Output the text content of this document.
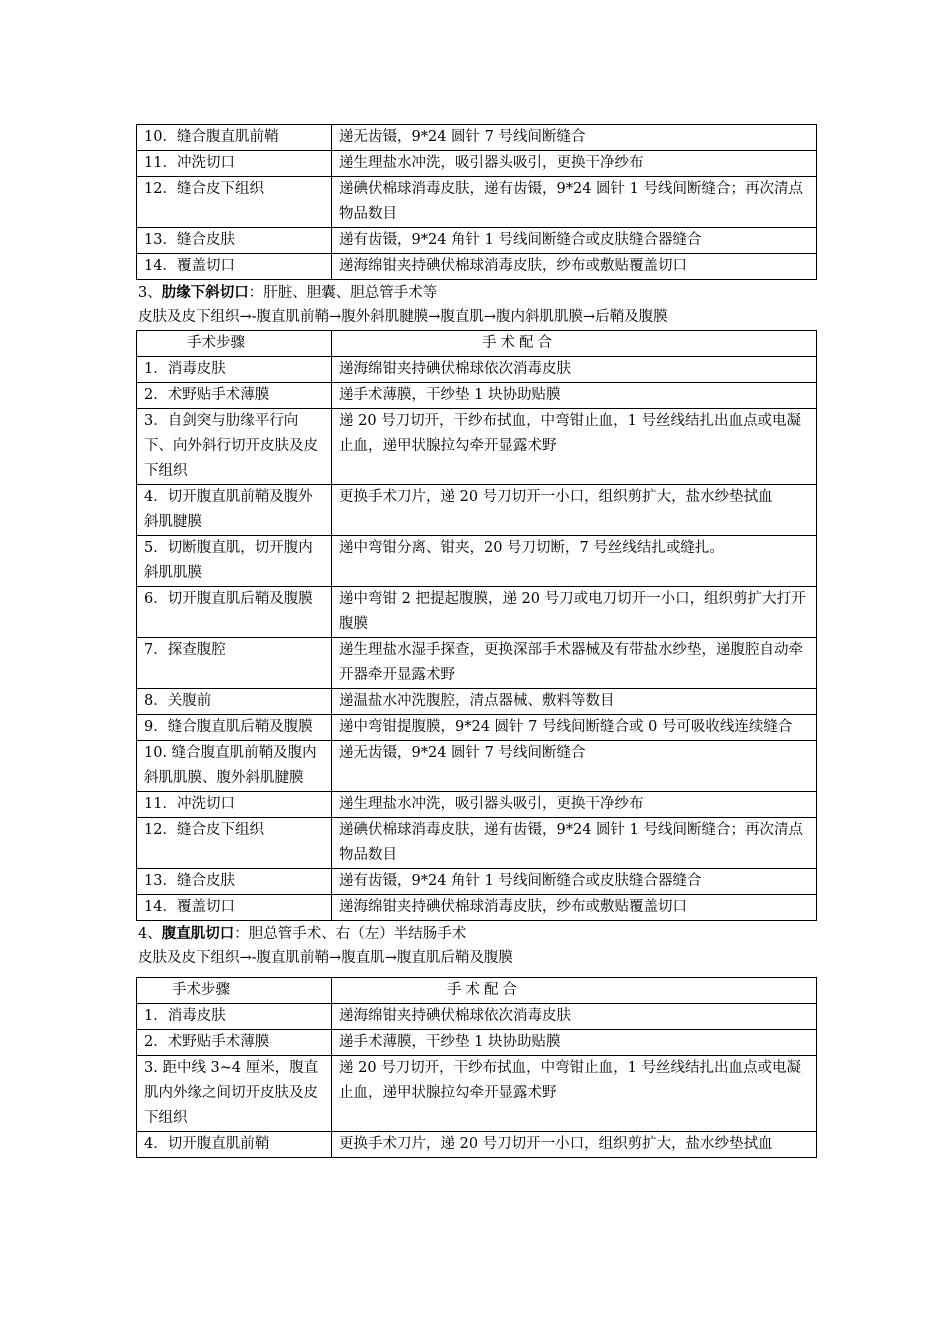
10．缝合腹直肌前鞘	递无齿镊，9*24 圆针 7 号线间断缝合
11．冲洗切口	递生理盐水冲洗，吸引器头吸引，更换干净纱布
12．缝合皮下组织	递碘伏棉球消毒皮肤，递有齿镊，9*24 圆针 1 号线间断缝合；再次清点物品数目
13．缝合皮肤	递有齿镊，9*24 角针 1 号线间断缝合或皮肤缝合器缝合
14．覆盖切口	递海绵钳夹持碘伏棉球消毒皮肤，纱布或敷贴覆盖切口
3、肋缘下斜切口：肝脏、胆囊、胆总管手术等
皮肤及皮下组织→-腹直肌前鞘→腹外斜肌腱膜→腹直肌→腹内斜肌肌膜→后鞘及腹膜
手术步骤	手术配合
1．消毒皮肤	递海绵钳夹持碘伏棉球依次消毒皮肤
2．术野贴手术薄膜	递手术薄膜，干纱垫 1 块协助贴膜
3．自剑突与肋缘平行向下、向外斜行切开皮肤及皮下组织	递 20 号刀切开，干纱布拭血，中弯钳止血，1 号丝线结扎出血点或电凝止血，递甲状腺拉勾牵开显露术野
4．切开腹直肌前鞘及腹外斜肌腱膜	更换手术刀片，递 20 号刀切开一小口，组织剪扩大，盐水纱垫拭血
5．切断腹直肌，切开腹内斜肌肌膜	递中弯钳分离、钳夹，20 号刀切断，7 号丝线结扎或缝扎。
6．切开腹直肌后鞘及腹膜	递中弯钳 2 把提起腹膜，递 20 号刀或电刀切开一小口，组织剪扩大打开腹膜
7．探查腹腔	递生理盐水湿手探查，更换深部手术器械及有带盐水纱垫，递腹腔自动牵开器牵开显露术野
8．关腹前	递温盐水冲洗腹腔，清点器械、敷料等数目
9．缝合腹直肌后鞘及腹膜	递中弯钳提腹膜，9*24 圆针 7 号线间断缝合或 0 号可吸收线连续缝合
10. 缝合腹直肌前鞘及腹内斜肌肌膜、腹外斜肌腱膜	递无齿镊，9*24 圆针 7 号线间断缝合
11．冲洗切口	递生理盐水冲洗，吸引器头吸引，更换干净纱布
12．缝合皮下组织	递碘伏棉球消毒皮肤，递有齿镊，9*24 圆针 1 号线间断缝合；再次清点物品数目
13．缝合皮肤	递有齿镊，9*24 角针 1 号线间断缝合或皮肤缝合器缝合
14．覆盖切口	递海绵钳夹持碘伏棉球消毒皮肤，纱布或敷贴覆盖切口
4、腹直肌切口：胆总管手术、右（左）半结肠手术
皮肤及皮下组织→-腹直肌前鞘→腹直肌→腹直肌后鞘及腹膜
手术步骤	手术配合
1．消毒皮肤	递海绵钳夹持碘伏棉球依次消毒皮肤
2．术野贴手术薄膜	递手术薄膜，干纱垫 1 块协助贴膜
3. 距中线 3~4 厘米，腹直肌内外缘之间切开皮肤及皮下组织	递 20 号刀切开，干纱布拭血，中弯钳止血，1 号丝线结扎出血点或电凝止血，递甲状腺拉勾牵开显露术野
4．切开腹直肌前鞘	更换手术刀片，递 20 号刀切开一小口，组织剪扩大，盐水纱垫拭血
